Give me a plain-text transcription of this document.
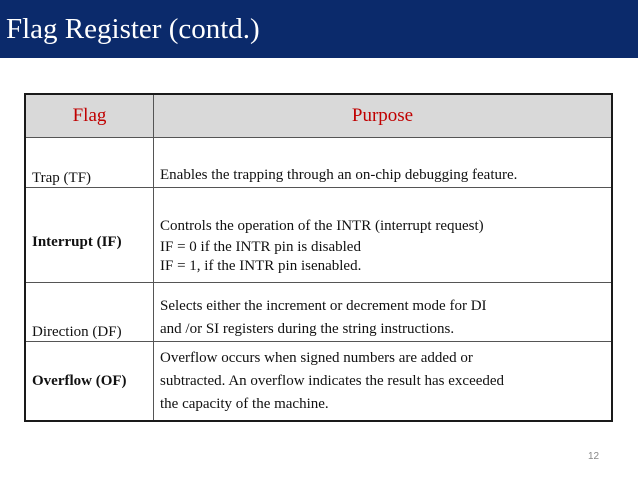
Flag Register (contd.)
Flag	Purpose
Trap (TF)	Enables the trapping through an on-chip debugging feature.

Interrupt (IF)	Controls the operation of the INTR (interrupt request)
IF = 0 if the INTR pin is disabled
IF = 1, if the INTR pin isenabled.

Direction (DF)	Selects either the increment or decrement mode for DI
and /or SI registers during the string instructions.

Overflow (OF)	Overflow occurs when signed numbers are added or
subtracted. An overflow indicates the result has exceeded
the capacity of the machine.
12
